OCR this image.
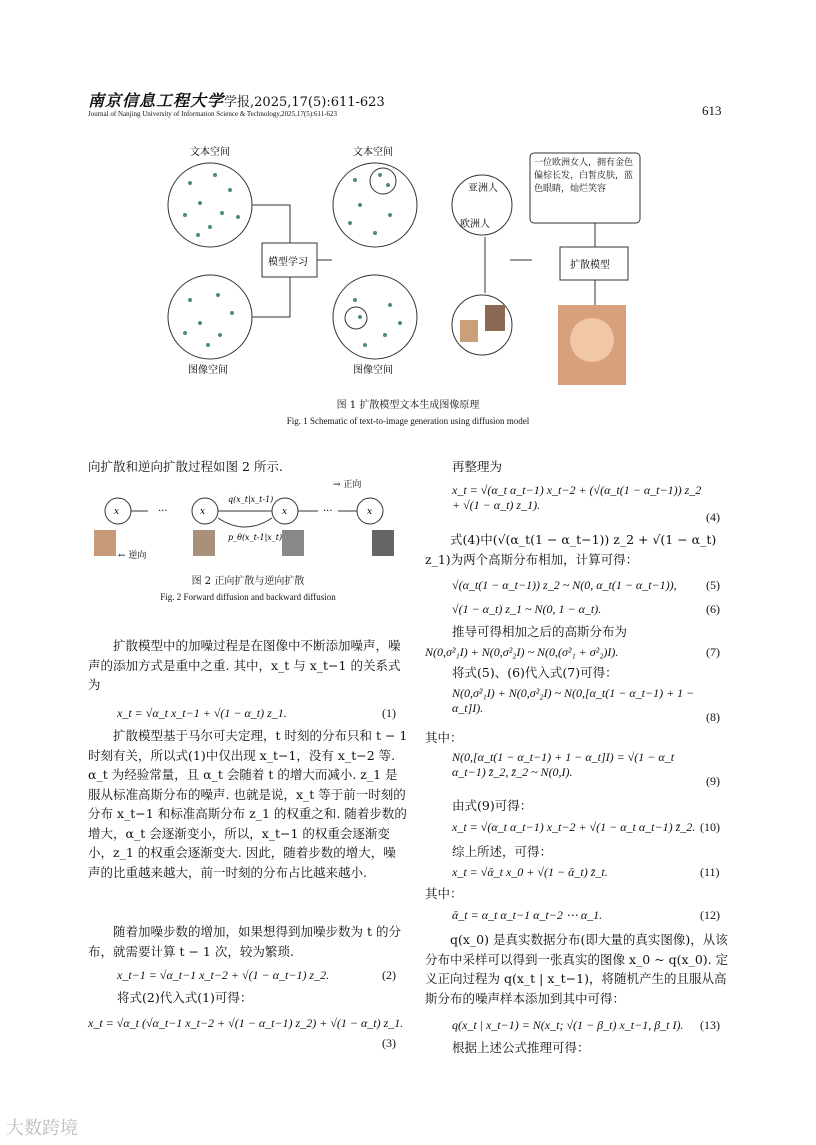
南京信息工程大学学报,2025,17(5):611-623
Journal of Nanjing University of Information Science & Technology,2025,17(5):611-623	613
文本空间	文本空间
图像空间	图像空间
亚洲人
欧洲人
模型学习
一位欧洲女人，拥有金色偏棕长发，白皙皮肤，蓝色眼睛，灿烂笑容
扩散模型
图 1 扩散模型文本生成图像原理
Fig. 1 Schematic of text-to-image generation using diffusion model
向扩散和逆向扩散过程如图 2 所示.
x	x	x	x
···	···
q(x_t|x_t-1)
p_θ(x_t-1|x_t)
→ 正向
← 逆向
图 2 正向扩散与逆向扩散
Fig. 2 Forward diffusion and backward diffusion
扩散模型中的加噪过程是在图像中不断添加噪声，噪声的添加方式是重中之重. 其中，x_t 与 x_t−1 的关系式为
x_t = √α_t x_t−1 + √(1 − α_t) z_1.	(1)
扩散模型基于马尔可夫定理，t 时刻的分布只和 t − 1 时刻有关，所以式(1)中仅出现 x_t−1，没有 x_t−2 等. α_t 为经验常量，且 α_t 会随着 t 的增大而减小. z_1 是服从标准高斯分布的噪声. 也就是说，x_t 等于前一时刻的分布 x_t−1 和标准高斯分布 z_1 的权重之和. 随着步数的增大，α_t 会逐渐变小，所以，x_t−1 的权重会逐渐变小，z_1 的权重会逐渐变大. 因此，随着步数的增大，噪声的比重越来越大，前一时刻的分布占比越来越小.
随着加噪步数的增加，如果想得到加噪步数为 t 的分布，就需要计算 t − 1 次，较为繁琐.
x_t−1 = √α_t−1 x_t−2 + √(1 − α_t−1) z_2.	(2)
将式(2)代入式(1)可得：
x_t = √α_t (√α_t−1 x_t−2 + √(1 − α_t−1) z_2) + √(1 − α_t) z_1.
(3)
再整理为
x_t = √(α_t α_t−1) x_t−2 + (√(α_t(1 − α_t−1)) z_2 + √(1 − α_t) z_1).
(4)
式(4)中(√(α_t(1 − α_t−1)) z_2 + √(1 − α_t) z_1)为两个高斯分布相加，计算可得：
√(α_t(1 − α_t−1)) z_2 ~ N(0, α_t(1 − α_t−1)), (5)
√(1 − α_t) z_1 ~ N(0, 1 − α_t).	(6)
推导可得相加之后的高斯分布为
N(0,σ²₁I) + N(0,σ²₂I) ~ N(0,(σ²₁ + σ²₂)I).	(7)
将式(5)、(6)代入式(7)可得：
N(0,σ²₁I) + N(0,σ²₂I) ~ N(0,[α_t(1 − α_t−1) + 1 − α_t]I).
(8)
其中：
N(0,[α_t(1 − α_t−1) + 1 − α_t]I) = √(1 − α_t α_t−1) z̄_2, z̄_2 ~ N(0,I).
(9)
由式(9)可得：
x_t = √(α_t α_t−1) x_t−2 + √(1 − α_t α_t−1) z̄_2. (10)
综上所述，可得：
x_t = √ᾱ_t x_0 + √(1 − ᾱ_t) z̄_t.	(11)
其中：
ᾱ_t = α_t α_t−1 α_t−2 ⋯ α_1.	(12)
q(x_0) 是真实数据分布(即大量的真实图像)，从该分布中采样可以得到一张真实的图像 x_0 ~ q(x_0). 定义正向过程为 q(x_t | x_t−1)，将随机产生的且服从高斯分布的噪声样本添加到其中可得：
q(x_t | x_t−1) = N(x_t; √(1 − β_t) x_t−1, β_t I). (13)
根据上述公式推理可得：
大数跨境
